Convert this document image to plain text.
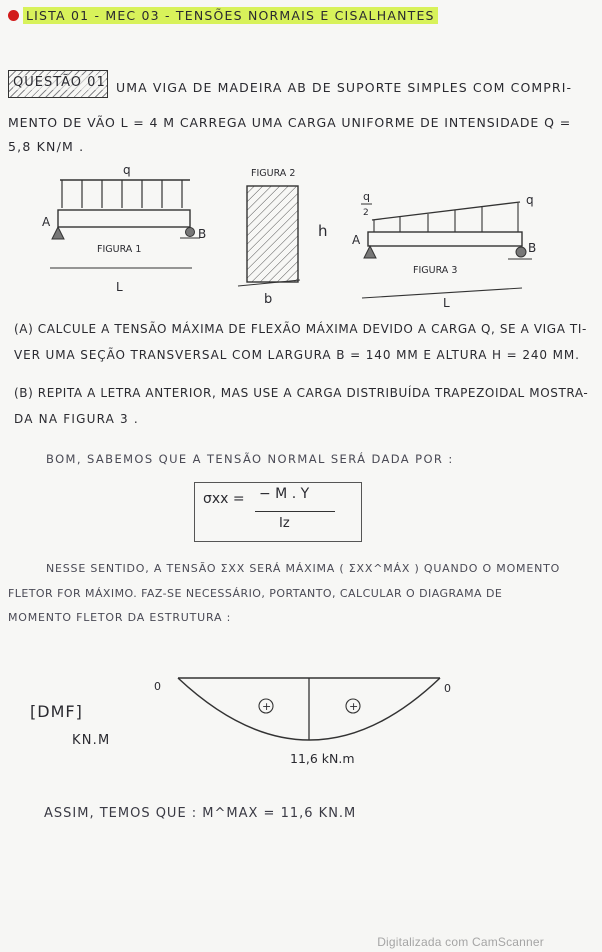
LISTA 01 - MEC 03 - TENSÕES NORMAIS E CISALHANTES
QUESTÃO 01 UMA VIGA DE MADEIRA AB DE SUPORTE SIMPLES COM COMPRI-
MENTO DE VÃO L = 4 M CARREGA UMA CARGA UNIFORME DE INTENSIDADE Q =
5,8 KN/M .
q
A
B
FIGURA 1
L
FIGURA 2
h
b
q
2
q
A
B
FIGURA 3
L
(A) CALCULE A TENSÃO MÁXIMA DE FLEXÃO MÁXIMA DEVIDO A CARGA Q, SE A VIGA TI-
VER UMA SEÇÃO TRANSVERSAL COM LARGURA B = 140 MM E ALTURA H = 240 MM.
(B) REPITA A LETRA ANTERIOR, MAS USE A CARGA DISTRIBUÍDA TRAPEZOIDAL MOSTRA-
DA NA FIGURA 3 .
BOM, SABEMOS QUE A TENSÃO NORMAL SERÁ DADA POR :
σxx = − M . Y
Iz
NESSE SENTIDO, A TENSÃO ΣXX SERÁ MÁXIMA ( ΣXX^MÁX ) QUANDO O MOMENTO
FLETOR FOR MÁXIMO. FAZ-SE NECESSÁRIO, PORTANTO, CALCULAR O DIAGRAMA DE
MOMENTO FLETOR DA ESTRUTURA :
[DMF]
KN.M
+	+
0	0
11,6 kN.m
ASSIM, TEMOS QUE : M^MAX = 11,6 KN.M
Digitalizada com CamScanner
